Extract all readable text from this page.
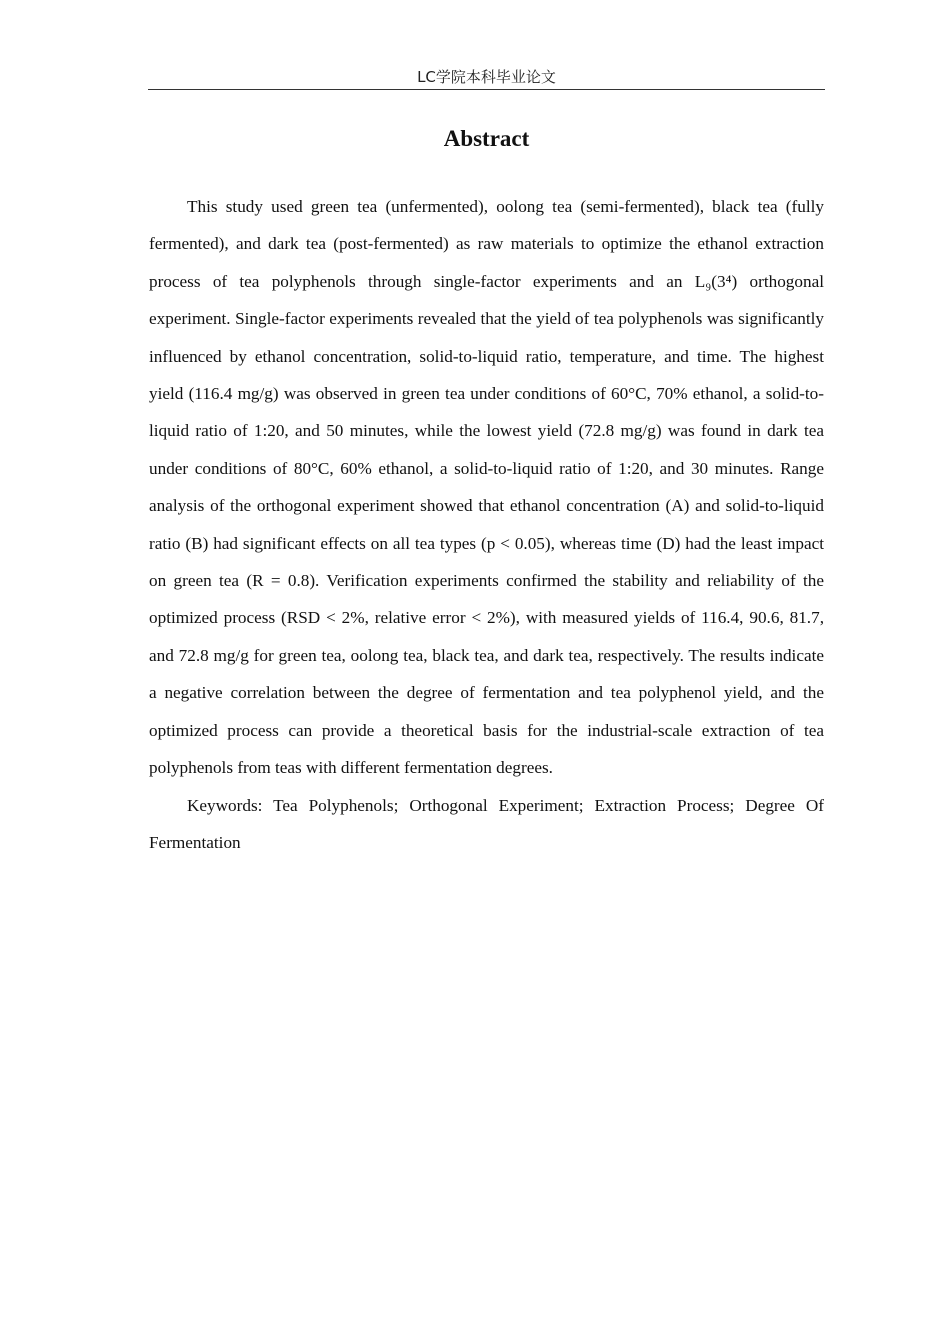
LC学院本科毕业论文
Abstract

This study used green tea (unfermented), oolong tea (semi-fermented), black tea (fully fermented), and dark tea (post-fermented) as raw materials to optimize the ethanol extraction process of tea polyphenols through single-factor experiments and an L₉(3⁴) orthogonal experiment. Single-factor experiments revealed that the yield of tea polyphenols was significantly influenced by ethanol concentration, solid-to-liquid ratio, temperature, and time. The highest yield (116.4 mg/g) was observed in green tea under conditions of 60°C, 70% ethanol, a solid-to-liquid ratio of 1:20, and 50 minutes, while the lowest yield (72.8 mg/g) was found in dark tea under conditions of 80°C, 60% ethanol, a solid-to-liquid ratio of 1:20, and 30 minutes. Range analysis of the orthogonal experiment showed that ethanol concentration (A) and solid-to-liquid ratio (B) had significant effects on all tea types (p < 0.05), whereas time (D) had the least impact on green tea (R = 0.8). Verification experiments confirmed the stability and reliability of the optimized process (RSD < 2%, relative error < 2%), with measured yields of 116.4, 90.6, 81.7, and 72.8 mg/g for green tea, oolong tea, black tea, and dark tea, respectively. The results indicate a negative correlation between the degree of fermentation and tea polyphenol yield, and the optimized process can provide a theoretical basis for the industrial-scale extraction of tea polyphenols from teas with different fermentation degrees.

Keywords: Tea Polyphenols; Orthogonal Experiment; Extraction Process; Degree Of Fermentation
